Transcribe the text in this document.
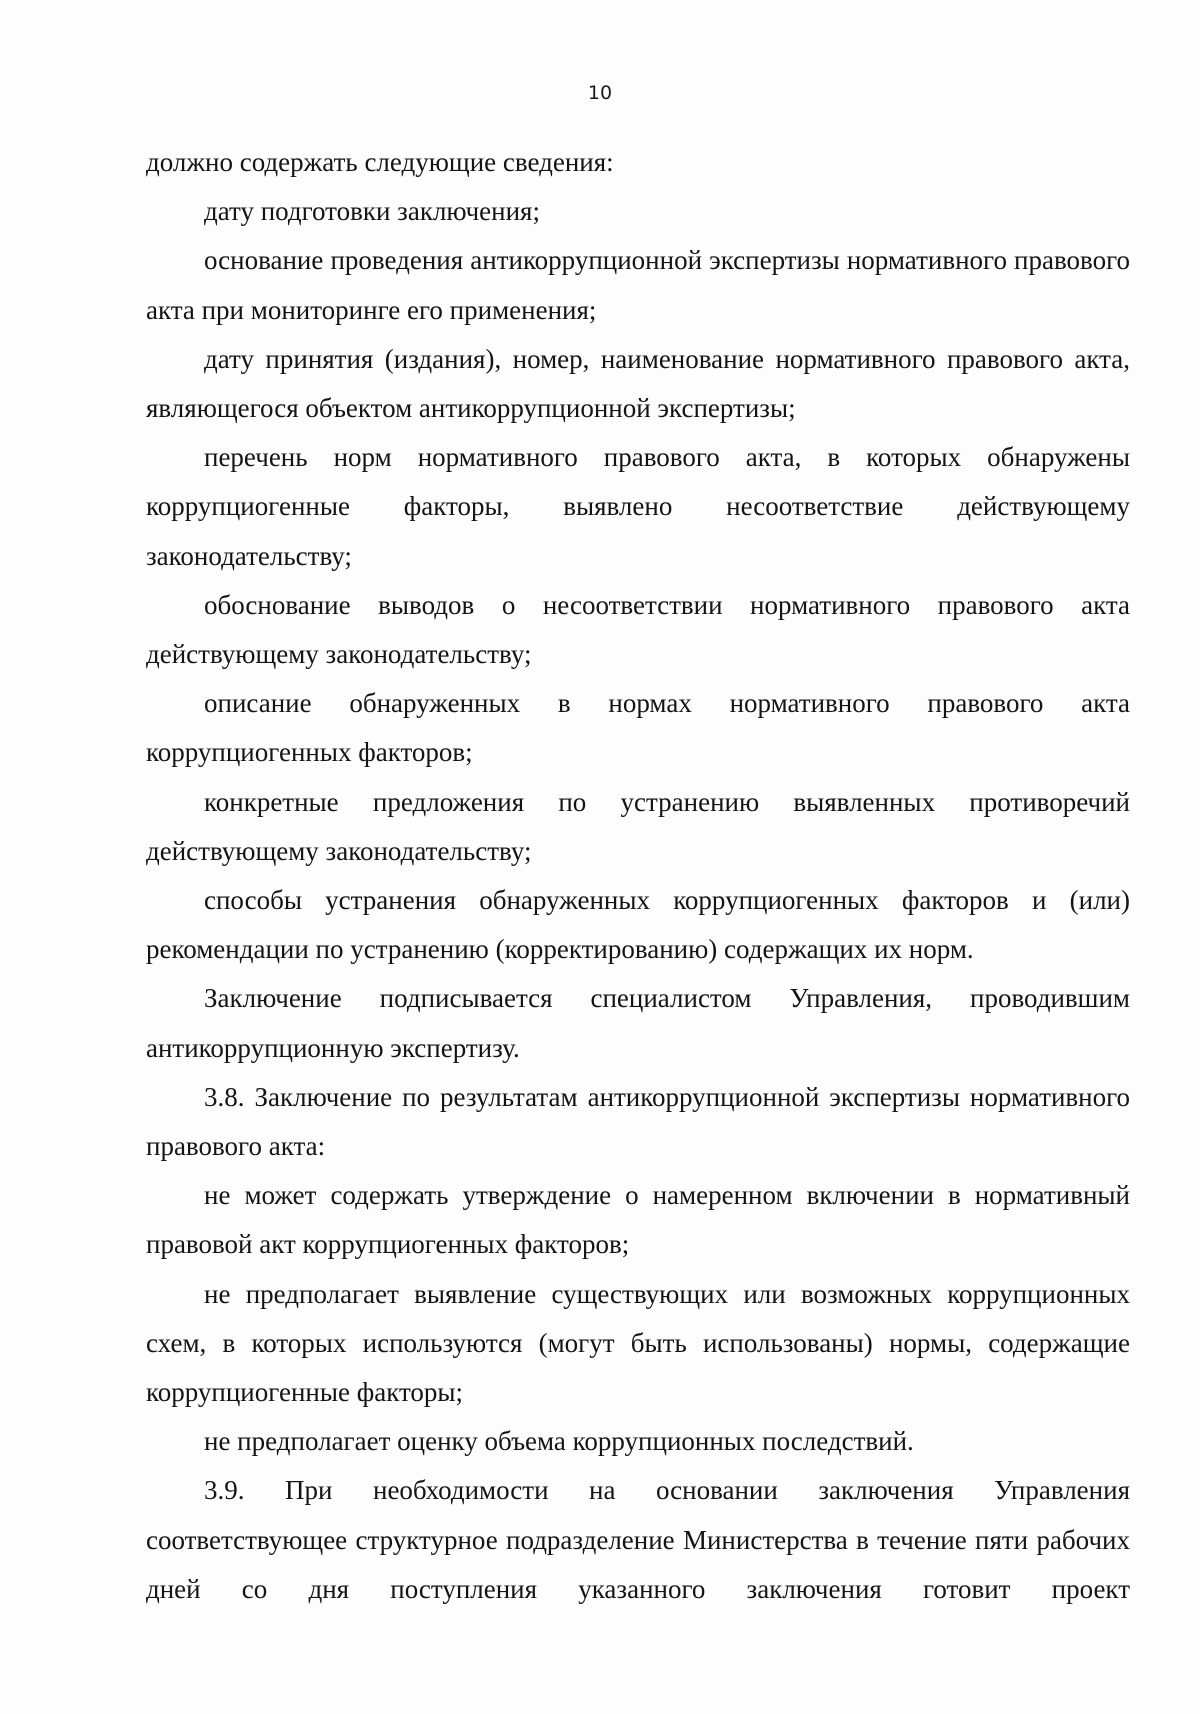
10

должно содержать следующие сведения:

дату подготовки заключения;

основание проведения антикоррупционной экспертизы нормативного правового акта при мониторинге его применения;

дату принятия (издания), номер, наименование нормативного правового акта, являющегося объектом антикоррупционной экспертизы;

перечень норм нормативного правового акта, в которых обнаружены коррупциогенные факторы, выявлено несоответствие действующему законодательству;

обоснование выводов о несоответствии нормативного правового акта действующему законодательству;

описание обнаруженных в нормах нормативного правового акта коррупциогенных факторов;

конкретные предложения по устранению выявленных противоречий действующему законодательству;

способы устранения обнаруженных коррупциогенных факторов и (или) рекомендации по устранению (корректированию) содержащих их норм.

Заключение подписывается специалистом Управления, проводившим антикоррупционную экспертизу.

3.8. Заключение по результатам антикоррупционной экспертизы нормативного правового акта:

не может содержать утверждение о намеренном включении в нормативный правовой акт коррупциогенных факторов;

не предполагает выявление существующих или возможных коррупционных схем, в которых используются (могут быть использованы) нормы, содержащие коррупциогенные факторы;

не предполагает оценку объема коррупционных последствий.

3.9. При необходимости на основании заключения Управления соответствующее структурное подразделение Министерства в течение пяти рабочих дней со дня поступления указанного заключения готовит проект
